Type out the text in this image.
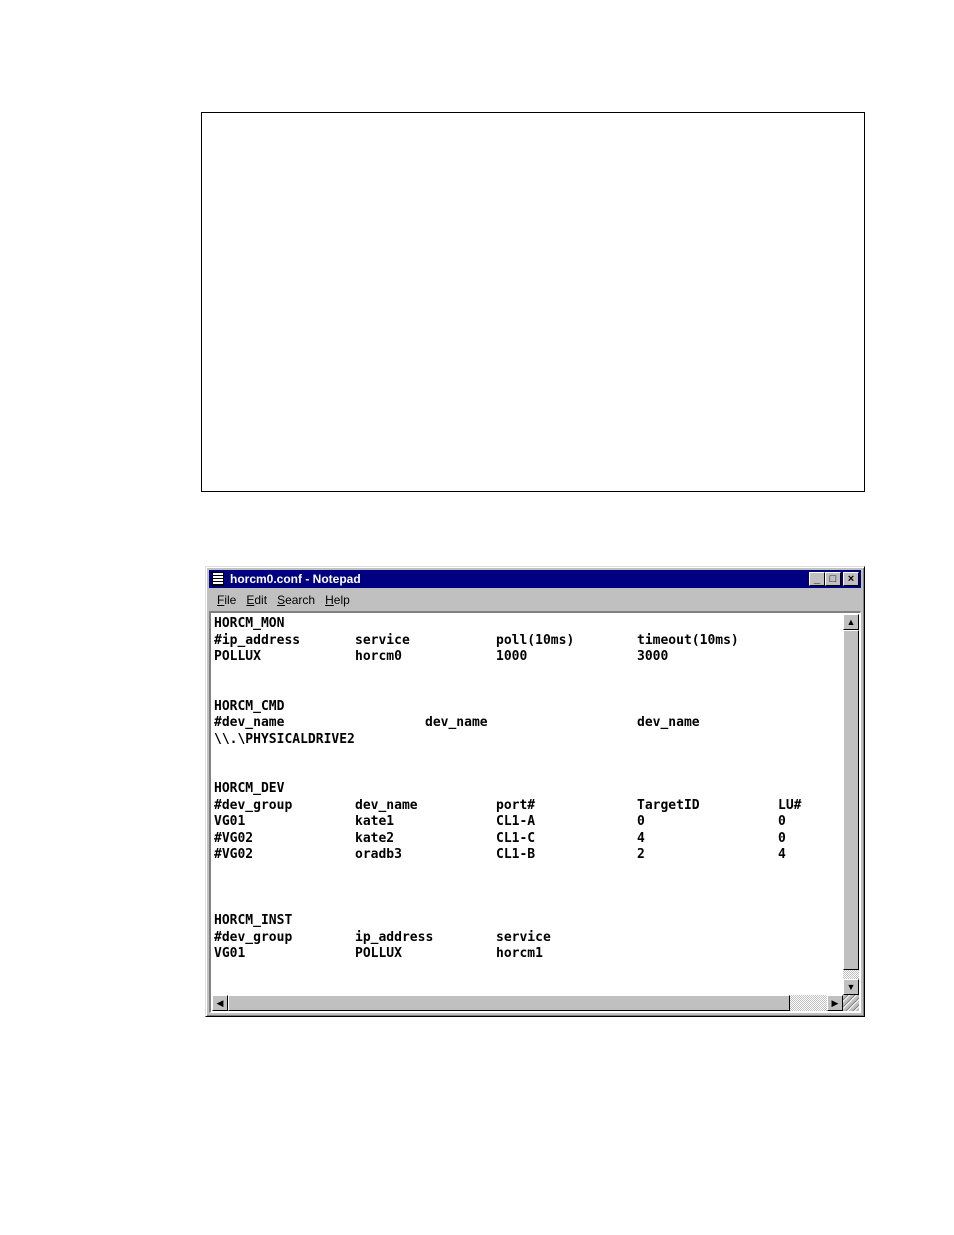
horcm0.conf - Notepad	_ □ ×
File Edit Search Help
HORCM_MON
#ip_address	service	poll(10ms)	timeout(10ms)
POLLUX	horcm0	1000	3000
HORCM_CMD
#dev_name	dev_name	dev_name
\\.\PHYSICALDRIVE2
HORCM_DEV
#dev_group	dev_name	port#	TargetID	LU#
VG01	kate1	CL1-A	0	0
#VG02	kate2	CL1-C	4	0
#VG02	oradb3	CL1-B	2	4
HORCM_INST
#dev_group	ip_address	service
VG01	POLLUX	horcm1
▲
▼
◀	▶
